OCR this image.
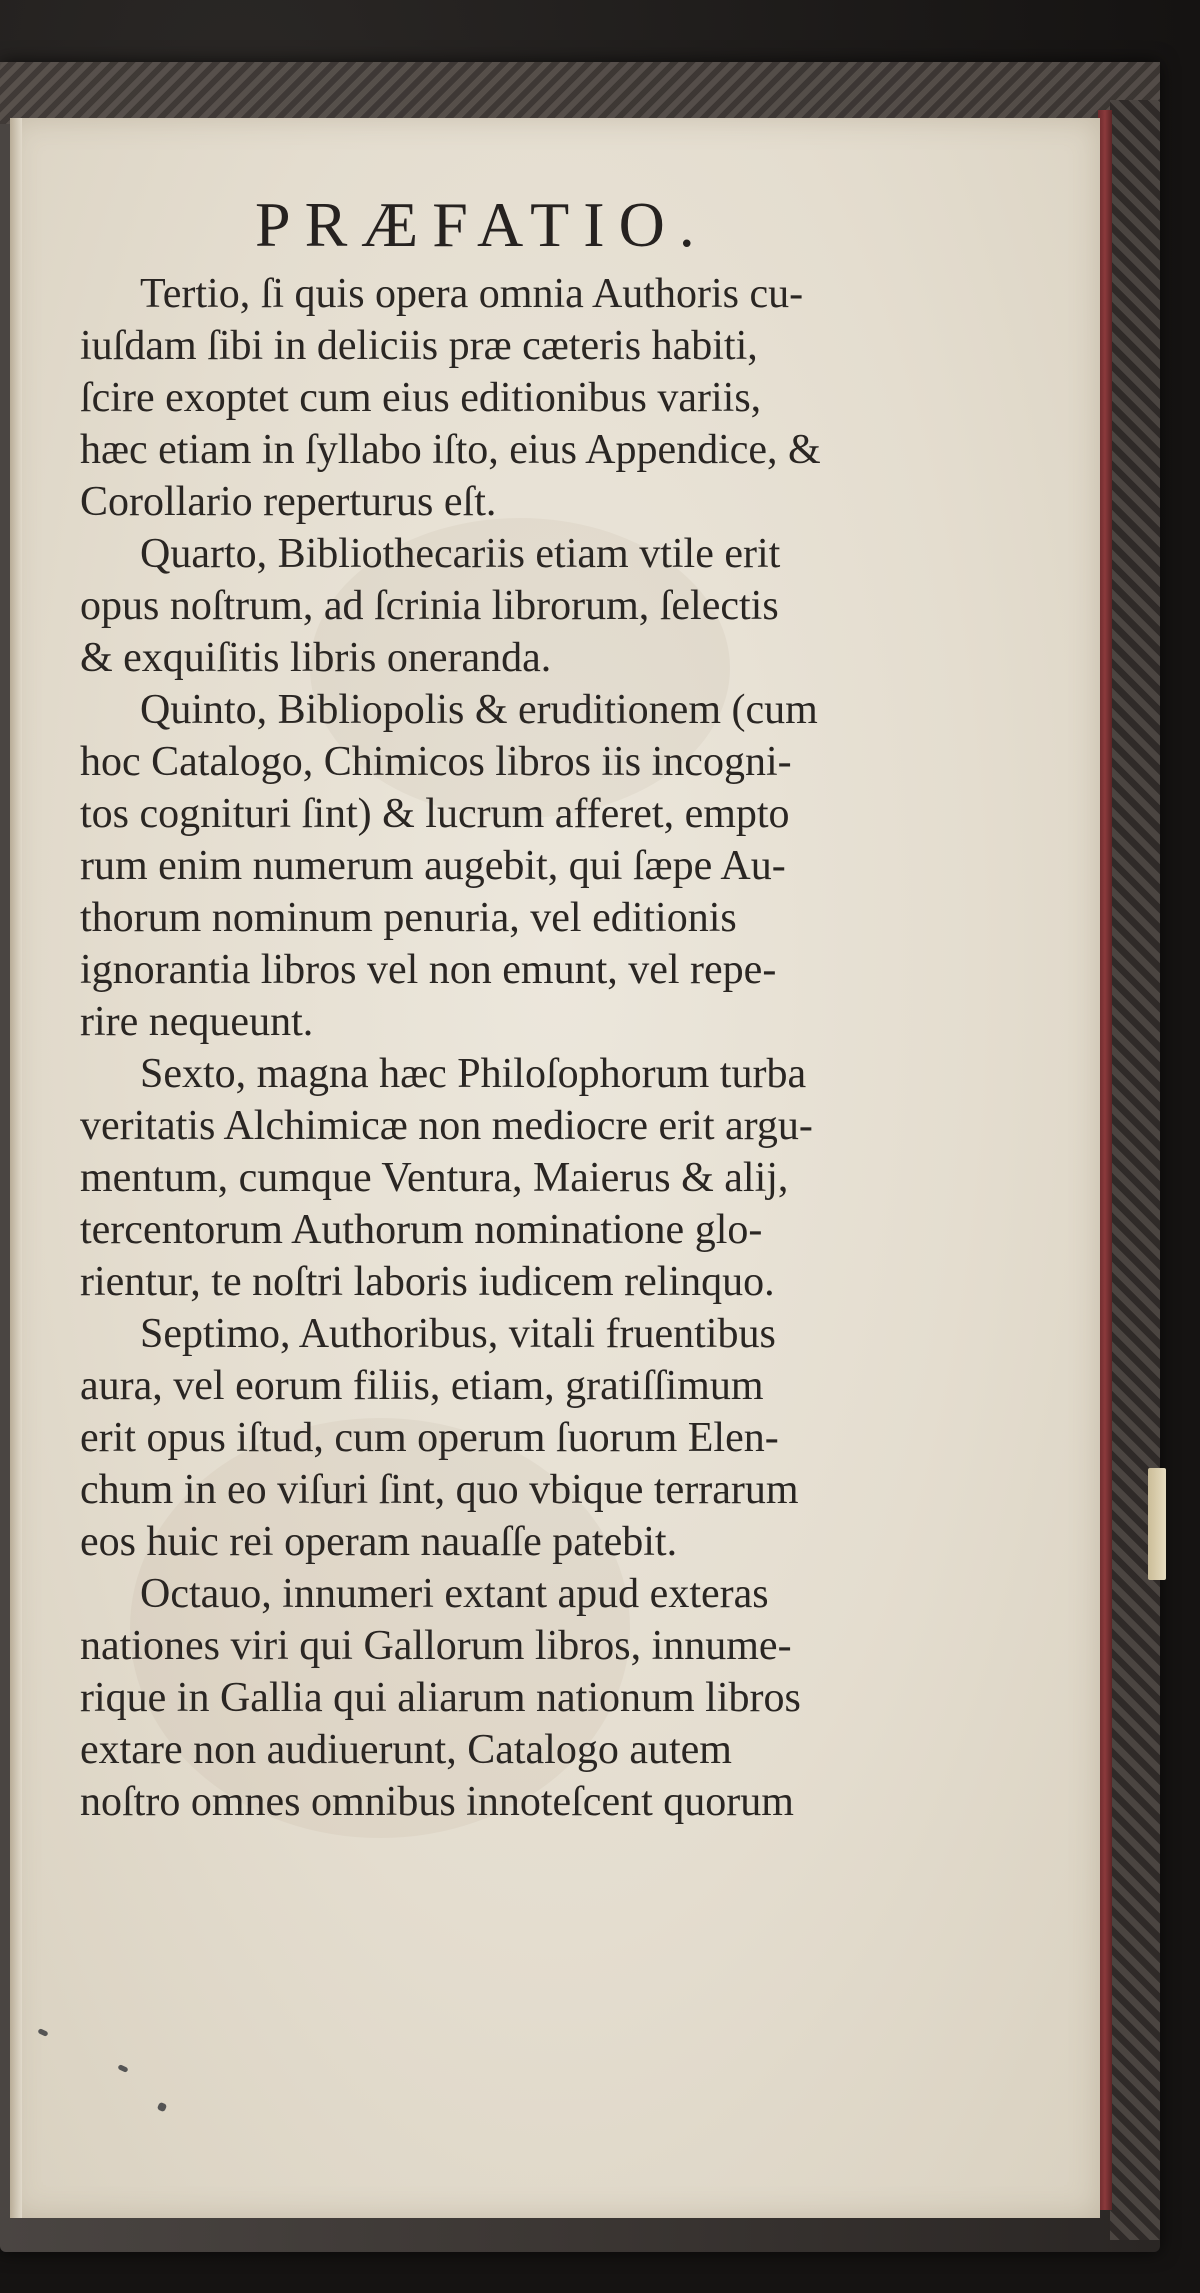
PRÆFATIO.
Tertio, ſi quis opera omnia Authoris cu-
iuſdam ſibi in deliciis præ cæteris habiti,
ſcire exoptet cum eius editionibus variis,
hæc etiam in ſyllabo iſto, eius Appendice, &
Corollario reperturus eſt.
Quarto, Bibliothecariis etiam vtile erit
opus noſtrum, ad ſcrinia librorum, ſelectis
& exquiſitis libris oneranda.
Quinto, Bibliopolis & eruditionem (cum
hoc Catalogo, Chimicos libros iis incogni-
tos cognituri ſint) & lucrum afferet, empto
rum enim numerum augebit, qui ſæpe Au-
thorum nominum penuria, vel editionis
ignorantia libros vel non emunt, vel repe-
rire nequeunt.
Sexto, magna hæc Philoſophorum turba
veritatis Alchimicæ non mediocre erit argu-
mentum, cumque Ventura, Maierus & alij,
tercentorum Authorum nominatione glo-
rientur, te noſtri laboris iudicem relinquo.
Septimo, Authoribus, vitali fruentibus
aura, vel eorum filiis, etiam, gratiſſimum
erit opus iſtud, cum operum ſuorum Elen-
chum in eo viſuri ſint, quo vbique terrarum
eos huic rei operam nauaſſe patebit.
Octauo, innumeri extant apud exteras
nationes viri qui Gallorum libros, innume-
rique in Gallia qui aliarum nationum libros
extare non audiuerunt, Catalogo autem
noſtro omnes omnibus innoteſcent quorum
